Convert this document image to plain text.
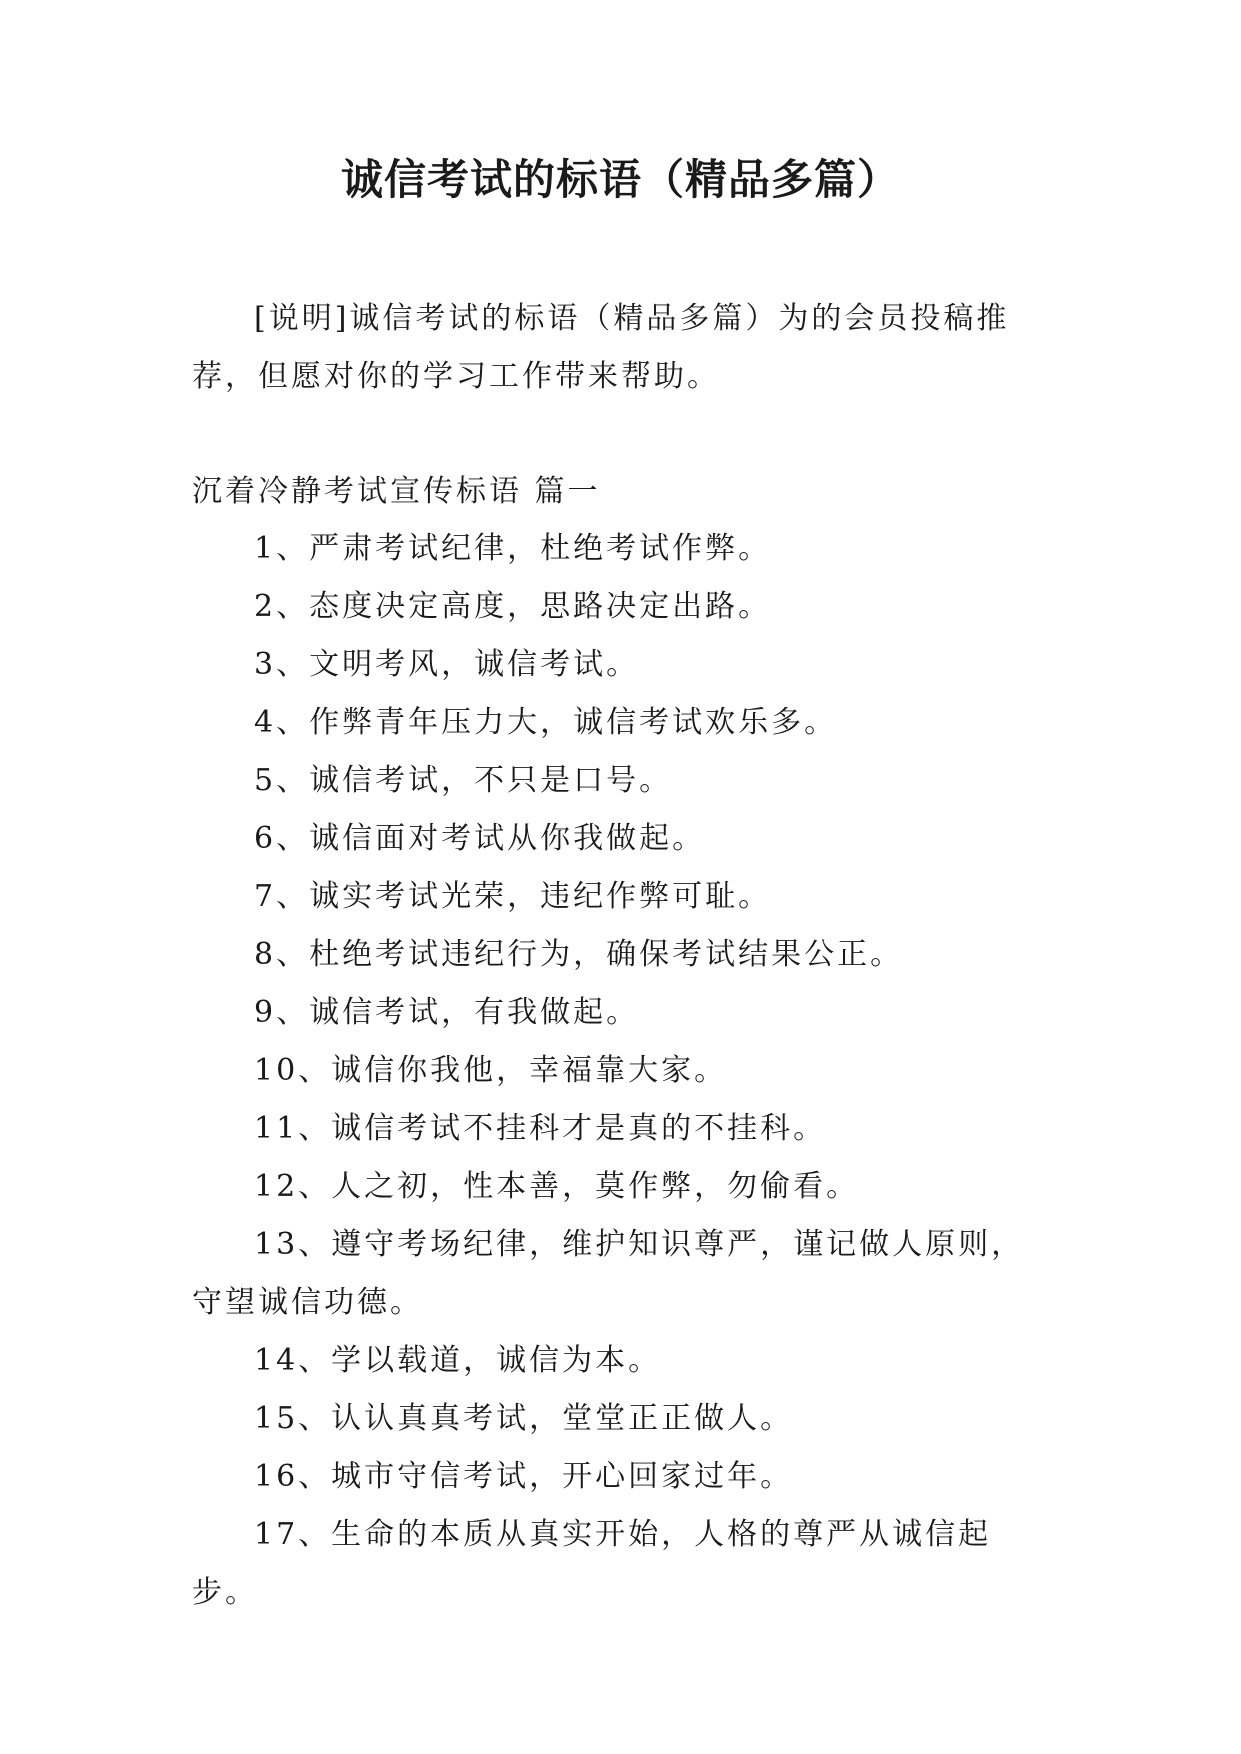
诚信考试的标语（精品多篇）
[说明]诚信考试的标语（精品多篇）为的会员投稿推荐，但愿对你的学习工作带来帮助。
沉着冷静考试宣传标语 篇一
1、严肃考试纪律，杜绝考试作弊。
2、态度决定高度，思路决定出路。
3、文明考风，诚信考试。
4、作弊青年压力大，诚信考试欢乐多。
5、诚信考试，不只是口号。
6、诚信面对考试从你我做起。
7、诚实考试光荣，违纪作弊可耻。
8、杜绝考试违纪行为，确保考试结果公正。
9、诚信考试，有我做起。
10、诚信你我他，幸福靠大家。
11、诚信考试不挂科才是真的不挂科。
12、人之初，性本善，莫作弊，勿偷看。
13、遵守考场纪律，维护知识尊严，谨记做人原则，守望诚信功德。
14、学以载道，诚信为本。
15、认认真真考试，堂堂正正做人。
16、城市守信考试，开心回家过年。
17、生命的本质从真实开始，人格的尊严从诚信起步。
